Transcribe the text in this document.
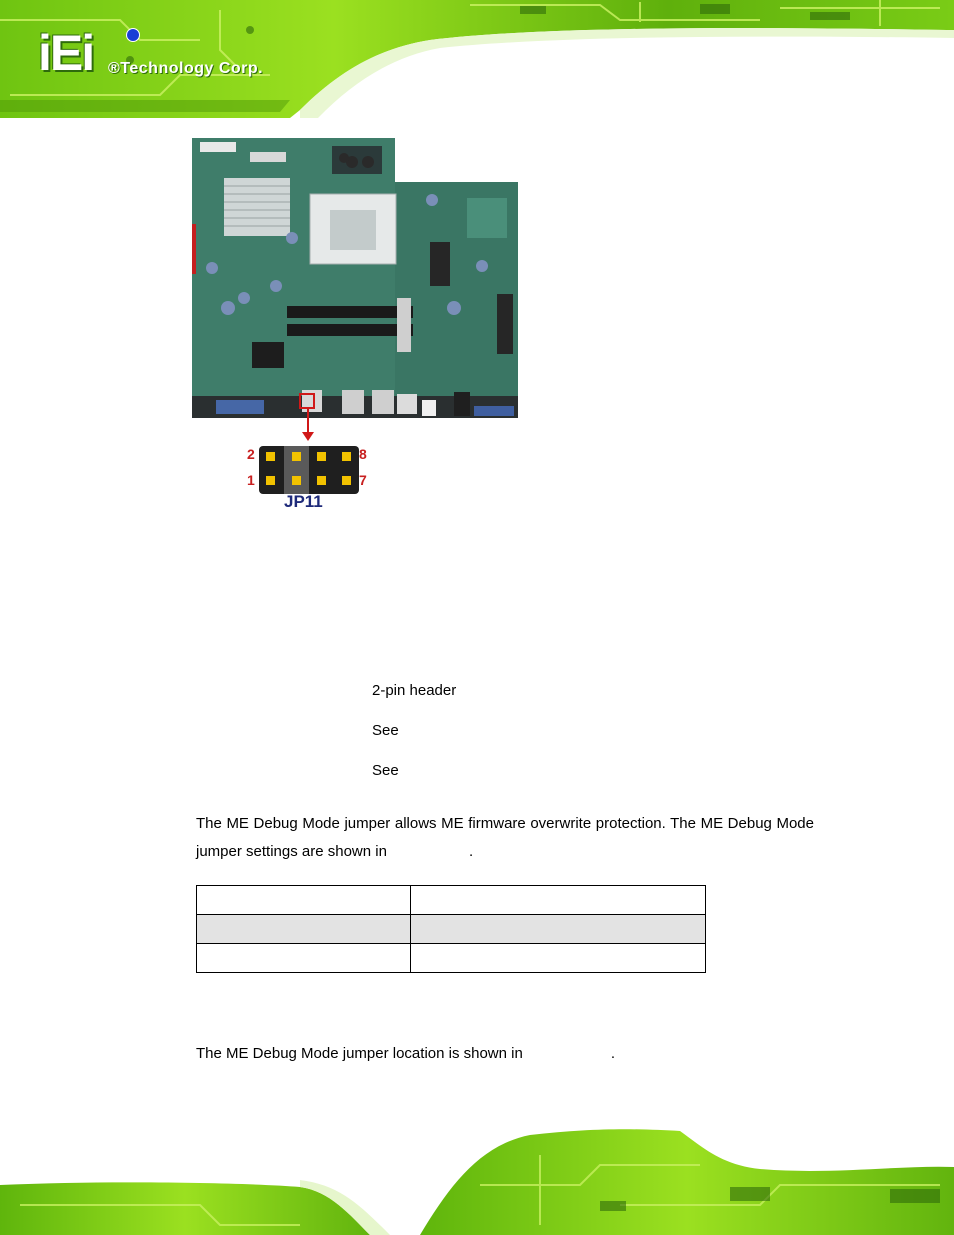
iEi ®Technology Corp.
2
1
8
7
JP11
2-pin header
See
See
The ME Debug Mode jumper allows ME firmware overwrite protection. The ME Debug Mode jumper settings are shown in	.

The ME Debug Mode jumper location is shown in	.
